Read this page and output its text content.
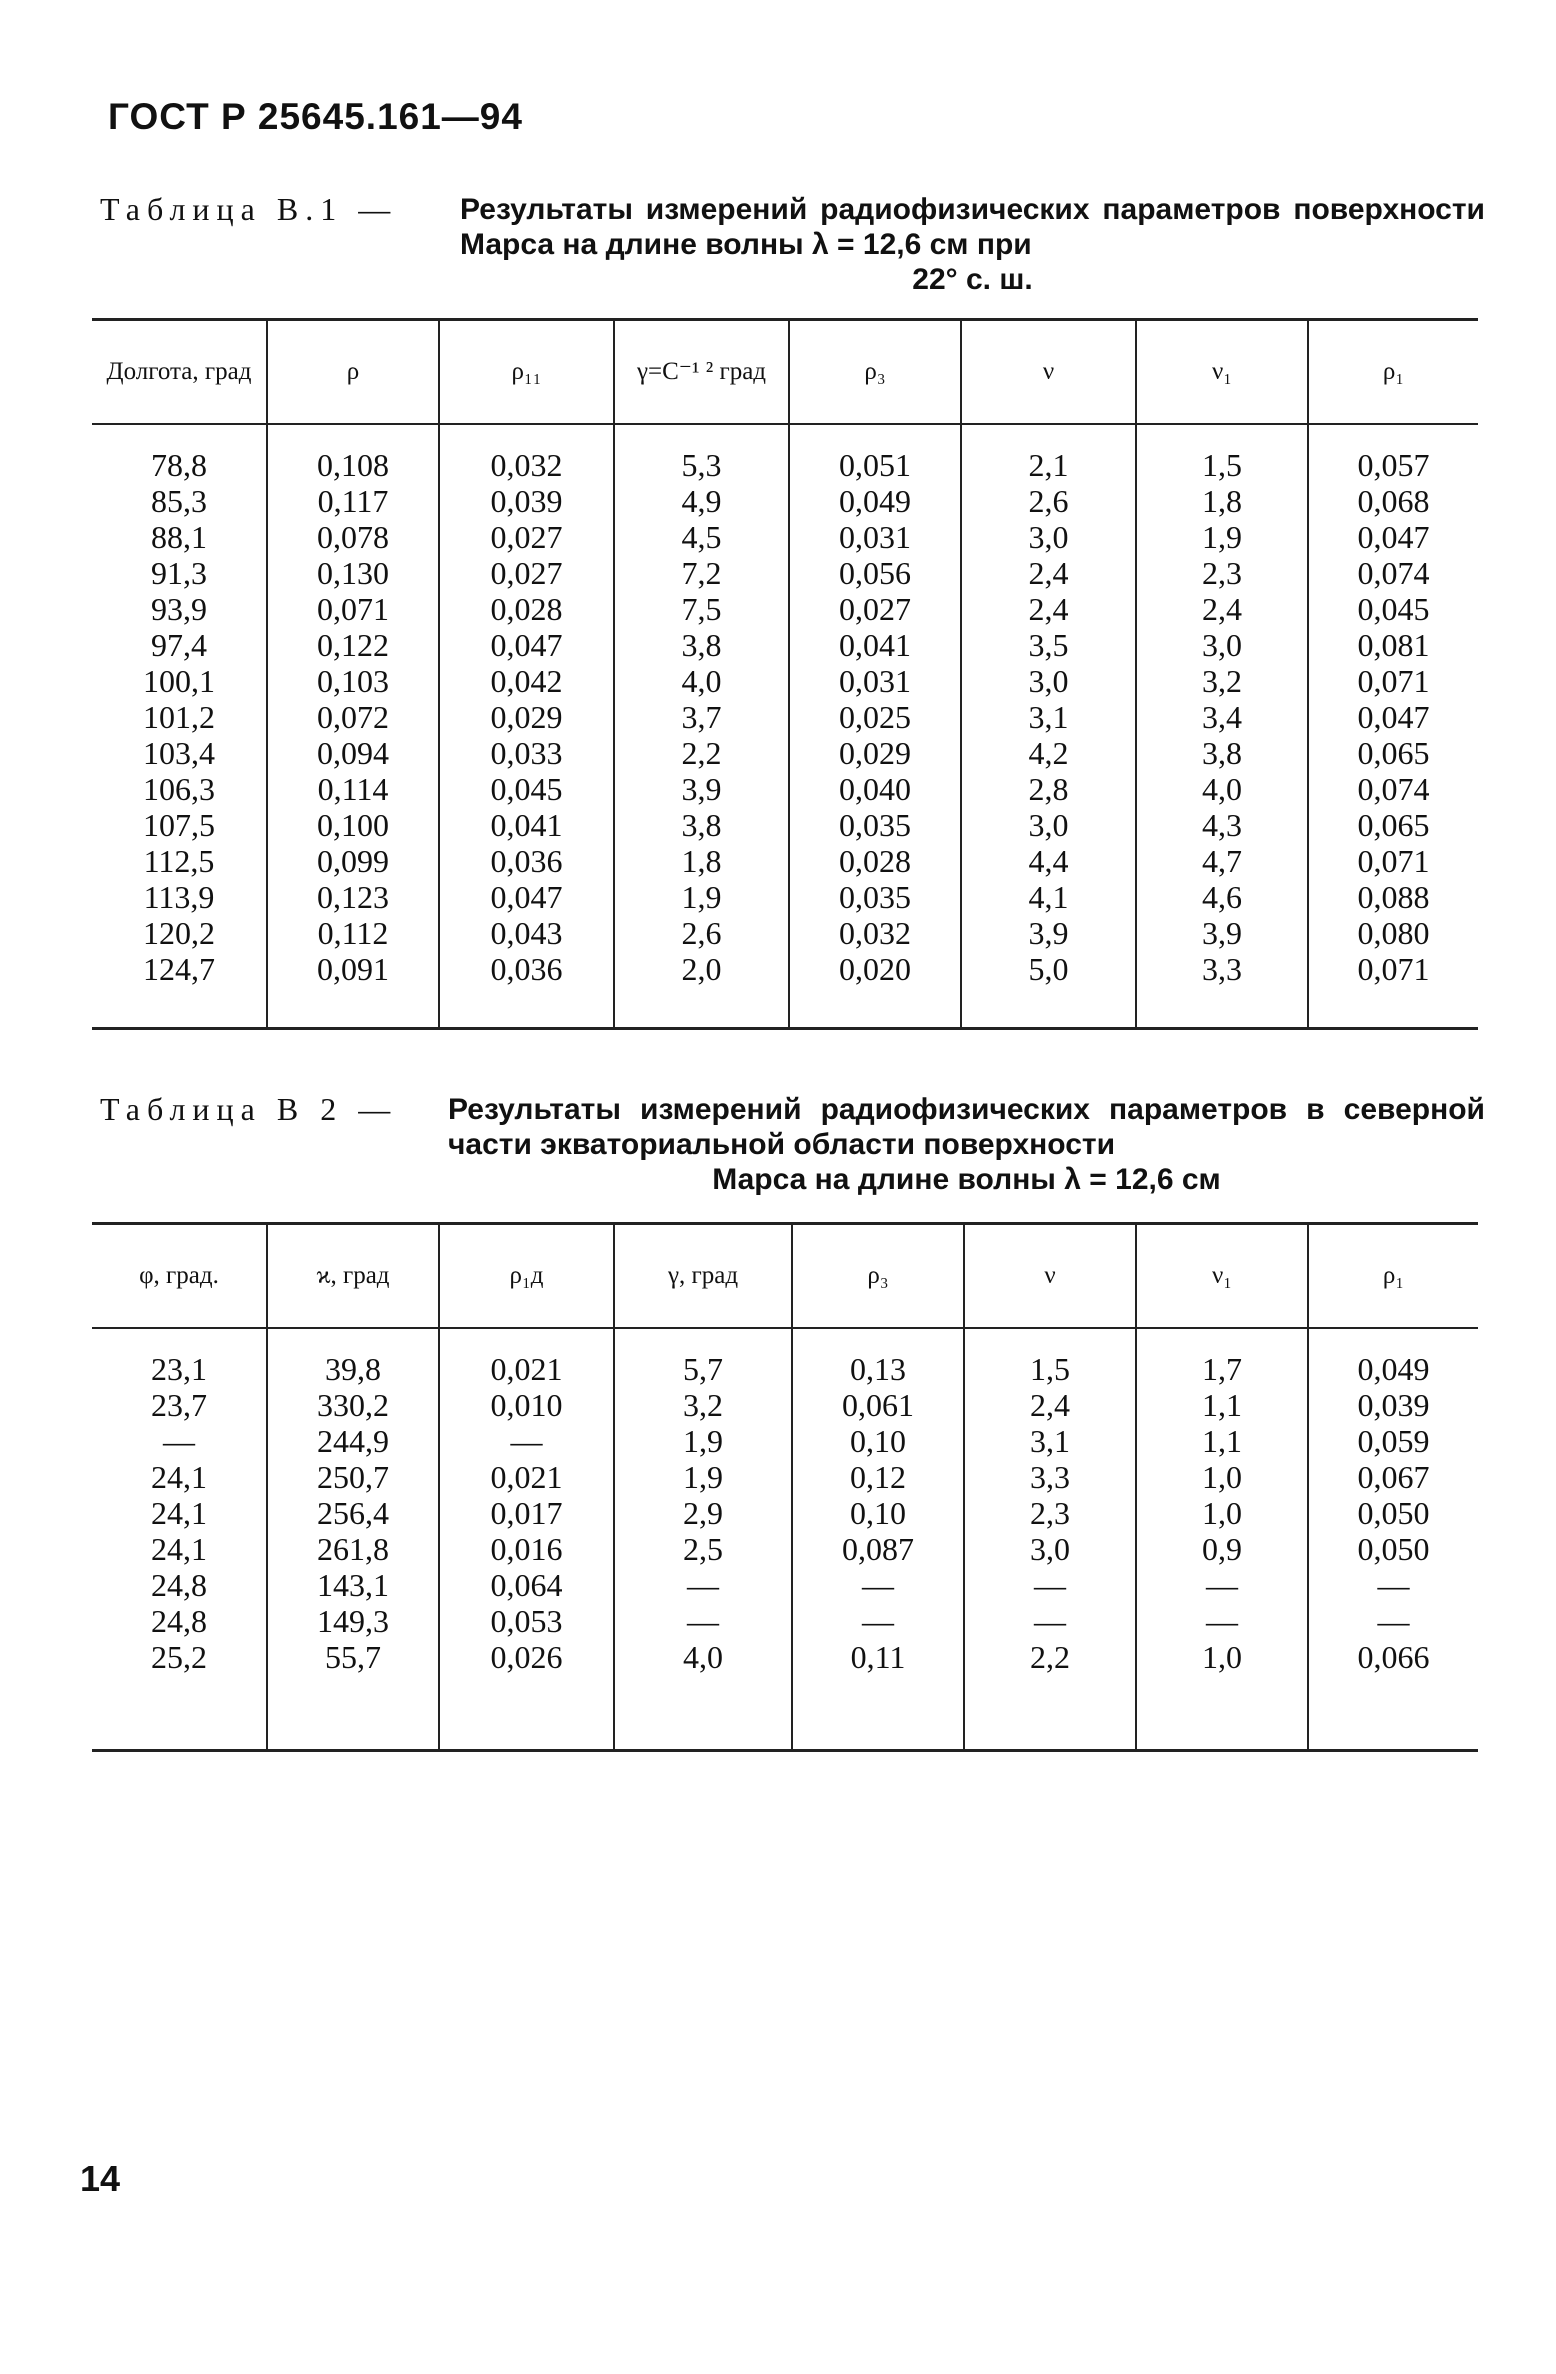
ГОСТ Р 25645.161—94
Таблица В.1 — Результаты измерений радиофизических параметров поверхности Марса на длине волны λ = 12,6 см при
22° с. ш.
Долгота, град	ρ	ρ₁₁	γ=C⁻¹ ² град	ρ₃	ν	ν₁	ρ₁

78,8	0,108	0,032	5,3	0,051	2,1	1,5	0,057
85,3	0,117	0,039	4,9	0,049	2,6	1,8	0,068
88,1	0,078	0,027	4,5	0,031	3,0	1,9	0,047
91,3	0,130	0,027	7,2	0,056	2,4	2,3	0,074
93,9	0,071	0,028	7,5	0,027	2,4	2,4	0,045
97,4	0,122	0,047	3,8	0,041	3,5	3,0	0,081
100,1	0,103	0,042	4,0	0,031	3,0	3,2	0,071
101,2	0,072	0,029	3,7	0,025	3,1	3,4	0,047
103,4	0,094	0,033	2,2	0,029	4,2	3,8	0,065
106,3	0,114	0,045	3,9	0,040	2,8	4,0	0,074
107,5	0,100	0,041	3,8	0,035	3,0	4,3	0,065
112,5	0,099	0,036	1,8	0,028	4,4	4,7	0,071
113,9	0,123	0,047	1,9	0,035	4,1	4,6	0,088
120,2	0,112	0,043	2,6	0,032	3,9	3,9	0,080
124,7	0,091	0,036	2,0	0,020	5,0	3,3	0,071

Таблица В 2 — Результаты измерений радиофизических параметров в северной части экваториальной области поверхности
Марса на длине волны λ = 12,6 см
φ, град.	ϰ, град	ρ₁д	γ, град	ρ₃	ν	ν₁	ρ₁

23,1	39,8	0,021	5,7	0,13	1,5	1,7	0,049
23,7	330,2	0,010	3,2	0,061	2,4	1,1	0,039
—	244,9	—	1,9	0,10	3,1	1,1	0,059
24,1	250,7	0,021	1,9	0,12	3,3	1,0	0,067
24,1	256,4	0,017	2,9	0,10	2,3	1,0	0,050
24,1	261,8	0,016	2,5	0,087	3,0	0,9	0,050
24,8	143,1	0,064	—	—	—	—	—
24,8	149,3	0,053	—	—	—	—	—
25,2	55,7	0,026	4,0	0,11	2,2	1,0	0,066

14
